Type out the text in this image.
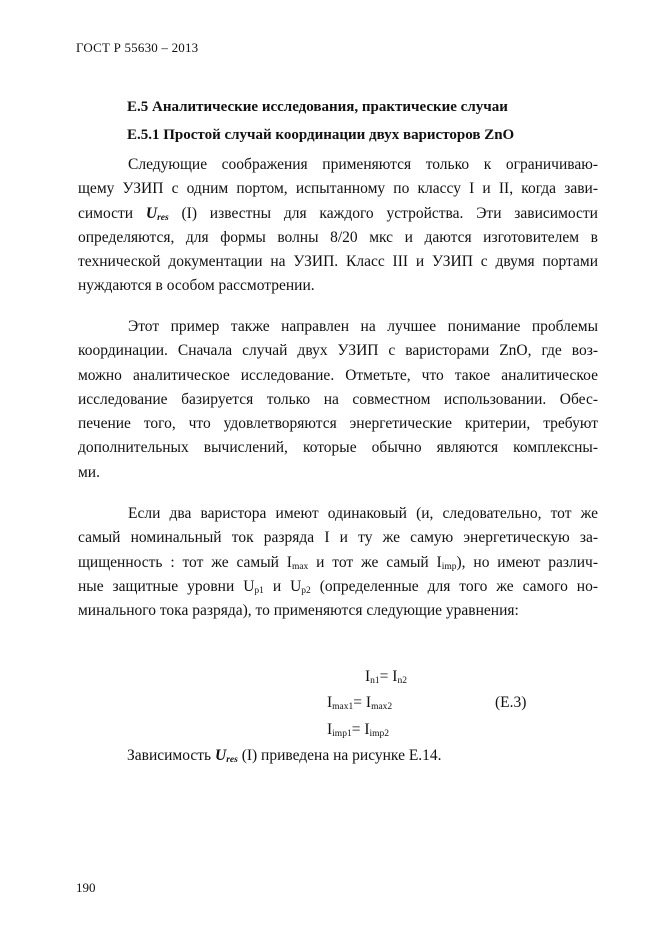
ГОСТ Р 55630 – 2013
Е.5 Аналитические исследования, практические случаи
Е.5.1 Простой случай координации двух варисторов ZnO
Следующие соображения применяются только к ограничиваю-
щему УЗИП с одним портом, испытанному по классу I и II, когда зави-
симости $U_{res}$ (I) известны для каждого устройства. Эти зависимости
определяются, для формы волны 8/20 мкс и даются изготовителем в
технической документации на УЗИП. Класс III и УЗИП с двумя портами
нуждаются в особом рассмотрении.
Этот пример также направлен на лучшее понимание проблемы
координации. Сначала случай двух УЗИП с варисторами ZnO, где воз-
можно аналитическое исследование. Отметьте, что такое аналитическое
исследование базируется только на совместном использовании. Обес-
печение того, что удовлетворяются энергетические критерии, требуют
дополнительных вычислений, которые обычно являются комплексны-
ми.
Если два варистора имеют одинаковый (и, следовательно, тот же
самый номинальный ток разряда I и ту же самую энергетическую за-
щищенность : тот же самый $I_{max}$ и тот же самый $I_{imp}$), но имеют различ-
ные защитные уровни $U_{p1}$ и $U_{p2}$ (определенные для того же самого но-
минального тока разряда), то применяются следующие уравнения:
$I_{n1}= I_{n2}$
$I_{max1}= I_{max2}$
$I_{imp1}= I_{imp2}$
(Е.3)
Зависимость $U_{res}$ (I) приведена на рисунке Е.14.
190
